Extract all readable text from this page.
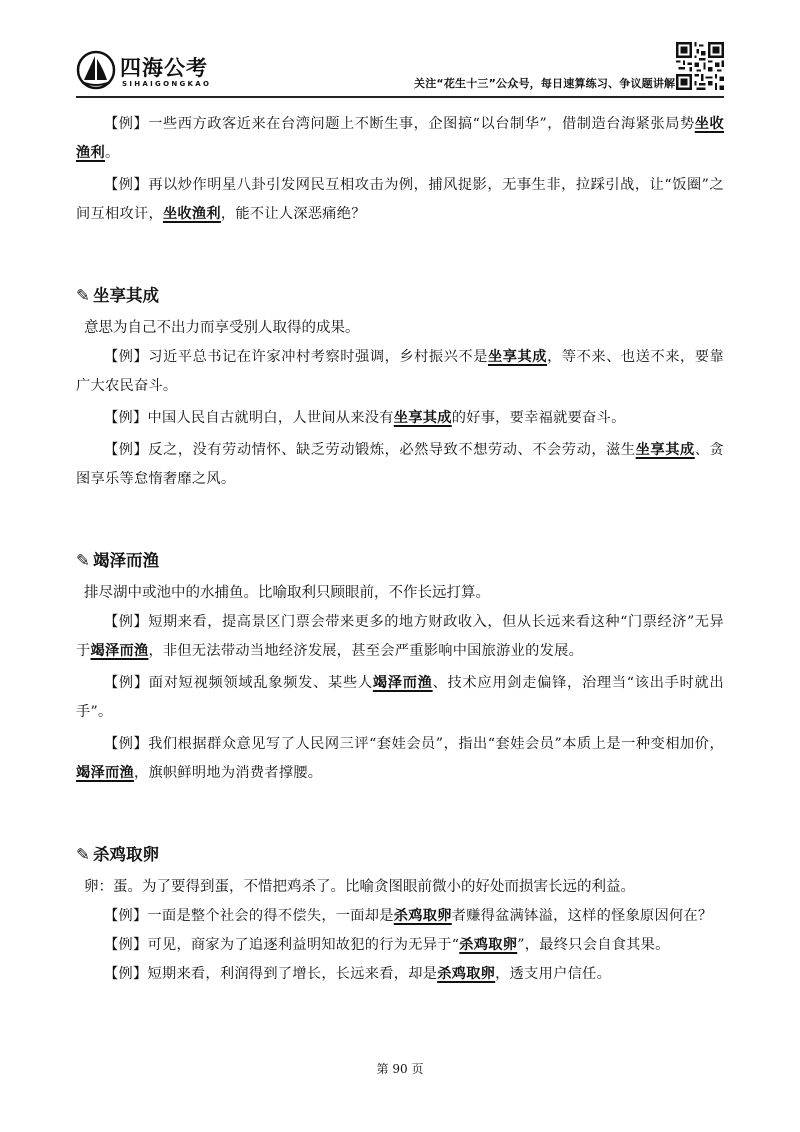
四海公考
SIHAIGONGKAO	关注“花生十三”公众号，每日速算练习、争议题讲解

【例】一些西方政客近来在台湾问题上不断生事，企图搞“以台制华”，借制造台海紧张局势坐收渔利。

【例】再以炒作明星八卦引发网民互相攻击为例，捕风捉影，无事生非，拉踩引战，让“饭圈”之间互相攻讦，坐收渔利，能不让人深恶痛绝？

✎ 坐享其成

意思为自己不出力而享受别人取得的成果。

【例】习近平总书记在许家冲村考察时强调，乡村振兴不是坐享其成，等不来、也送不来，要靠广大农民奋斗。

【例】中国人民自古就明白，人世间从来没有坐享其成的好事，要幸福就要奋斗。

【例】反之，没有劳动情怀、缺乏劳动锻炼，必然导致不想劳动、不会劳动，滋生坐享其成、贪图享乐等怠惰奢靡之风。

✎ 竭泽而渔

排尽湖中或池中的水捕鱼。比喻取利只顾眼前，不作长远打算。

【例】短期来看，提高景区门票会带来更多的地方财政收入，但从长远来看这种“门票经济”无异于竭泽而渔，非但无法带动当地经济发展，甚至会严重影响中国旅游业的发展。

【例】面对短视频领域乱象频发、某些人竭泽而渔、技术应用剑走偏锋，治理当“该出手时就出手”。

【例】我们根据群众意见写了人民网三评“套娃会员”，指出“套娃会员”本质上是一种变相加价，竭泽而渔，旗帜鲜明地为消费者撑腰。

✎ 杀鸡取卵

卵：蛋。为了要得到蛋，不惜把鸡杀了。比喻贪图眼前微小的好处而损害长远的利益。

【例】一面是整个社会的得不偿失，一面却是杀鸡取卵者赚得盆满钵溢，这样的怪象原因何在？

【例】可见，商家为了追逐利益明知故犯的行为无异于“杀鸡取卵”，最终只会自食其果。

【例】短期来看，利润得到了增长，长远来看，却是杀鸡取卵，透支用户信任。

第 90 页
